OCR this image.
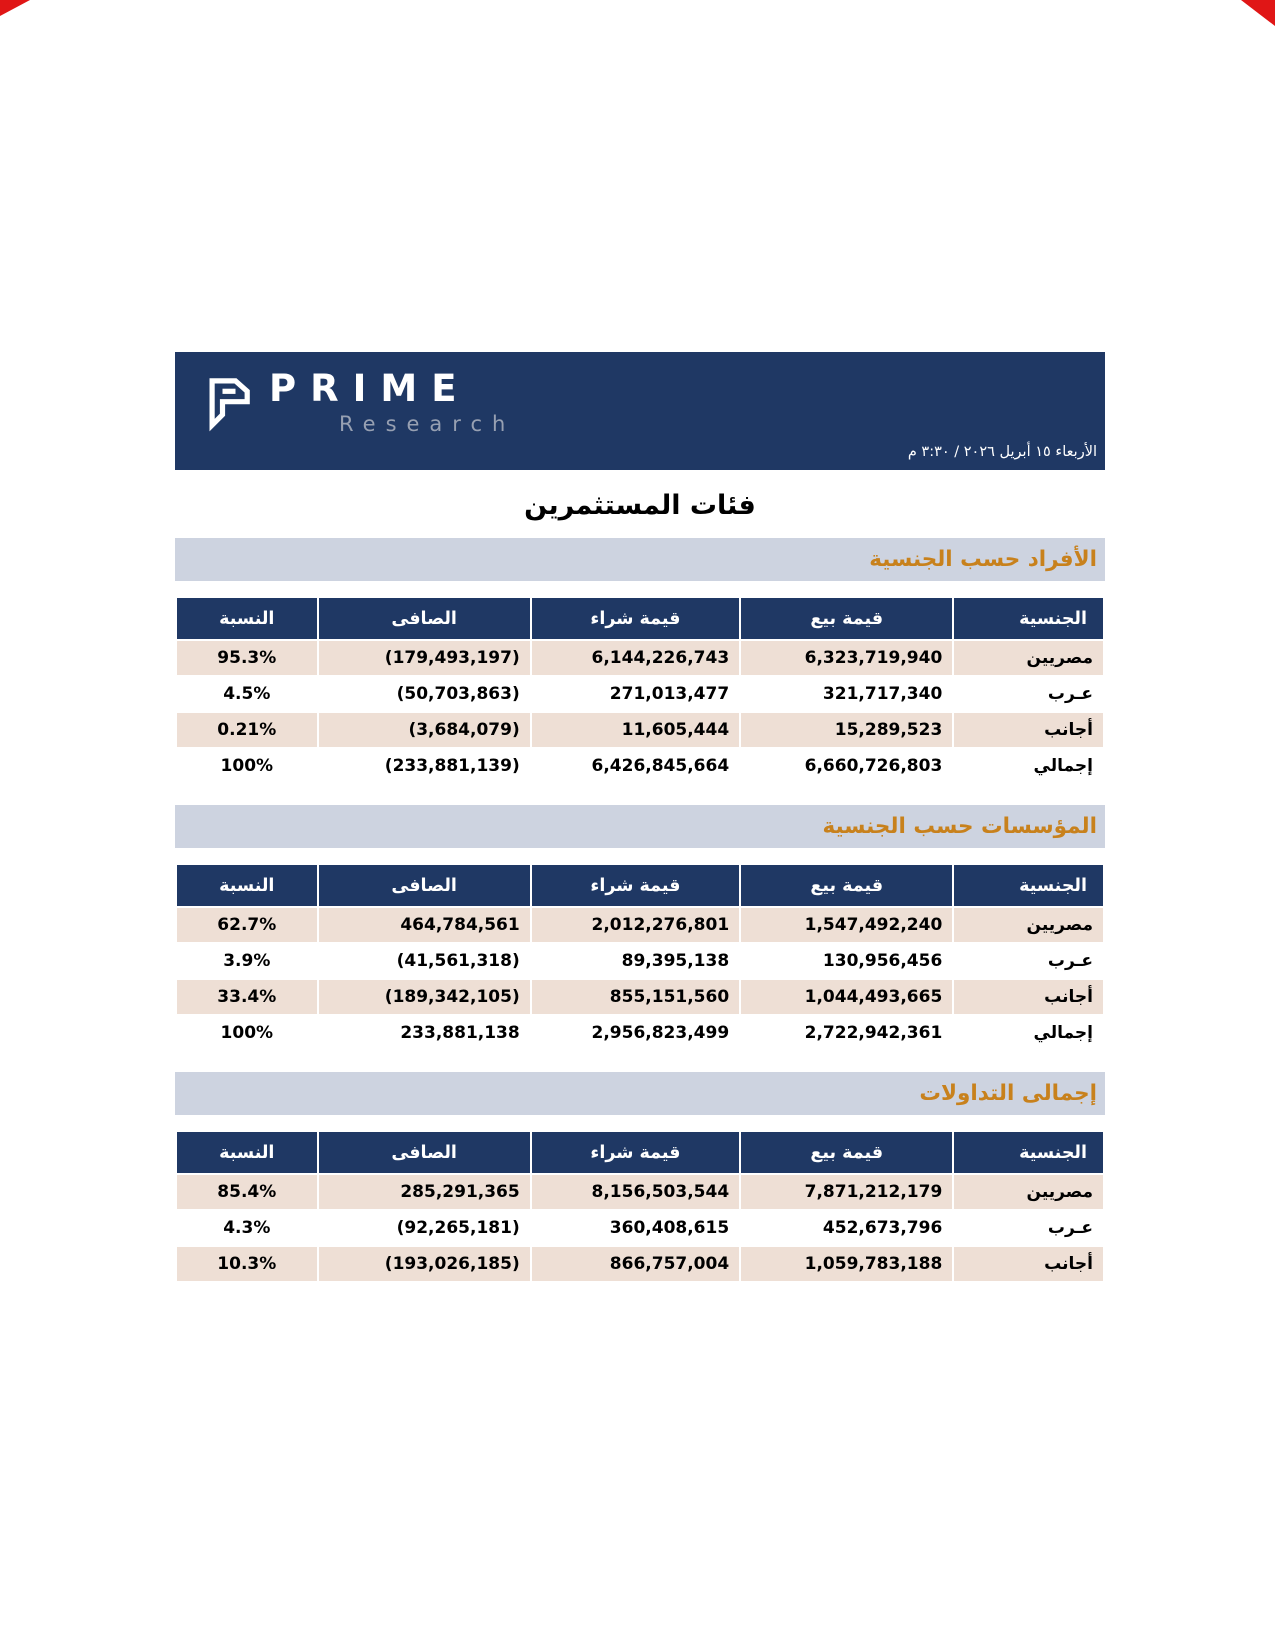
PRIME
Research
الأربعاء ١٥ أبريل ٢٠٢٦ / ٣:٣٠ م
فئات المستثمرين
الأفراد حسب الجنسية
الجنسية	قيمة بيع	قيمة شراء	الصافى	النسبة
مصريين	6,323,719,940	6,144,226,743	(179,493,197)	95.3%
عـرب	321,717,340	271,013,477	(50,703,863)	4.5%
أجانب	15,289,523	11,605,444	(3,684,079)	0.21%
إجمالي	6,660,726,803	6,426,845,664	(233,881,139)	100%
المؤسسات حسب الجنسية
الجنسية	قيمة بيع	قيمة شراء	الصافى	النسبة
مصريين	1,547,492,240	2,012,276,801	464,784,561	62.7%
عـرب	130,956,456	89,395,138	(41,561,318)	3.9%
أجانب	1,044,493,665	855,151,560	(189,342,105)	33.4%
إجمالي	2,722,942,361	2,956,823,499	233,881,138	100%
إجمالى التداولات
الجنسية	قيمة بيع	قيمة شراء	الصافى	النسبة
مصريين	7,871,212,179	8,156,503,544	285,291,365	85.4%
عـرب	452,673,796	360,408,615	(92,265,181)	4.3%
أجانب	1,059,783,188	866,757,004	(193,026,185)	10.3%
